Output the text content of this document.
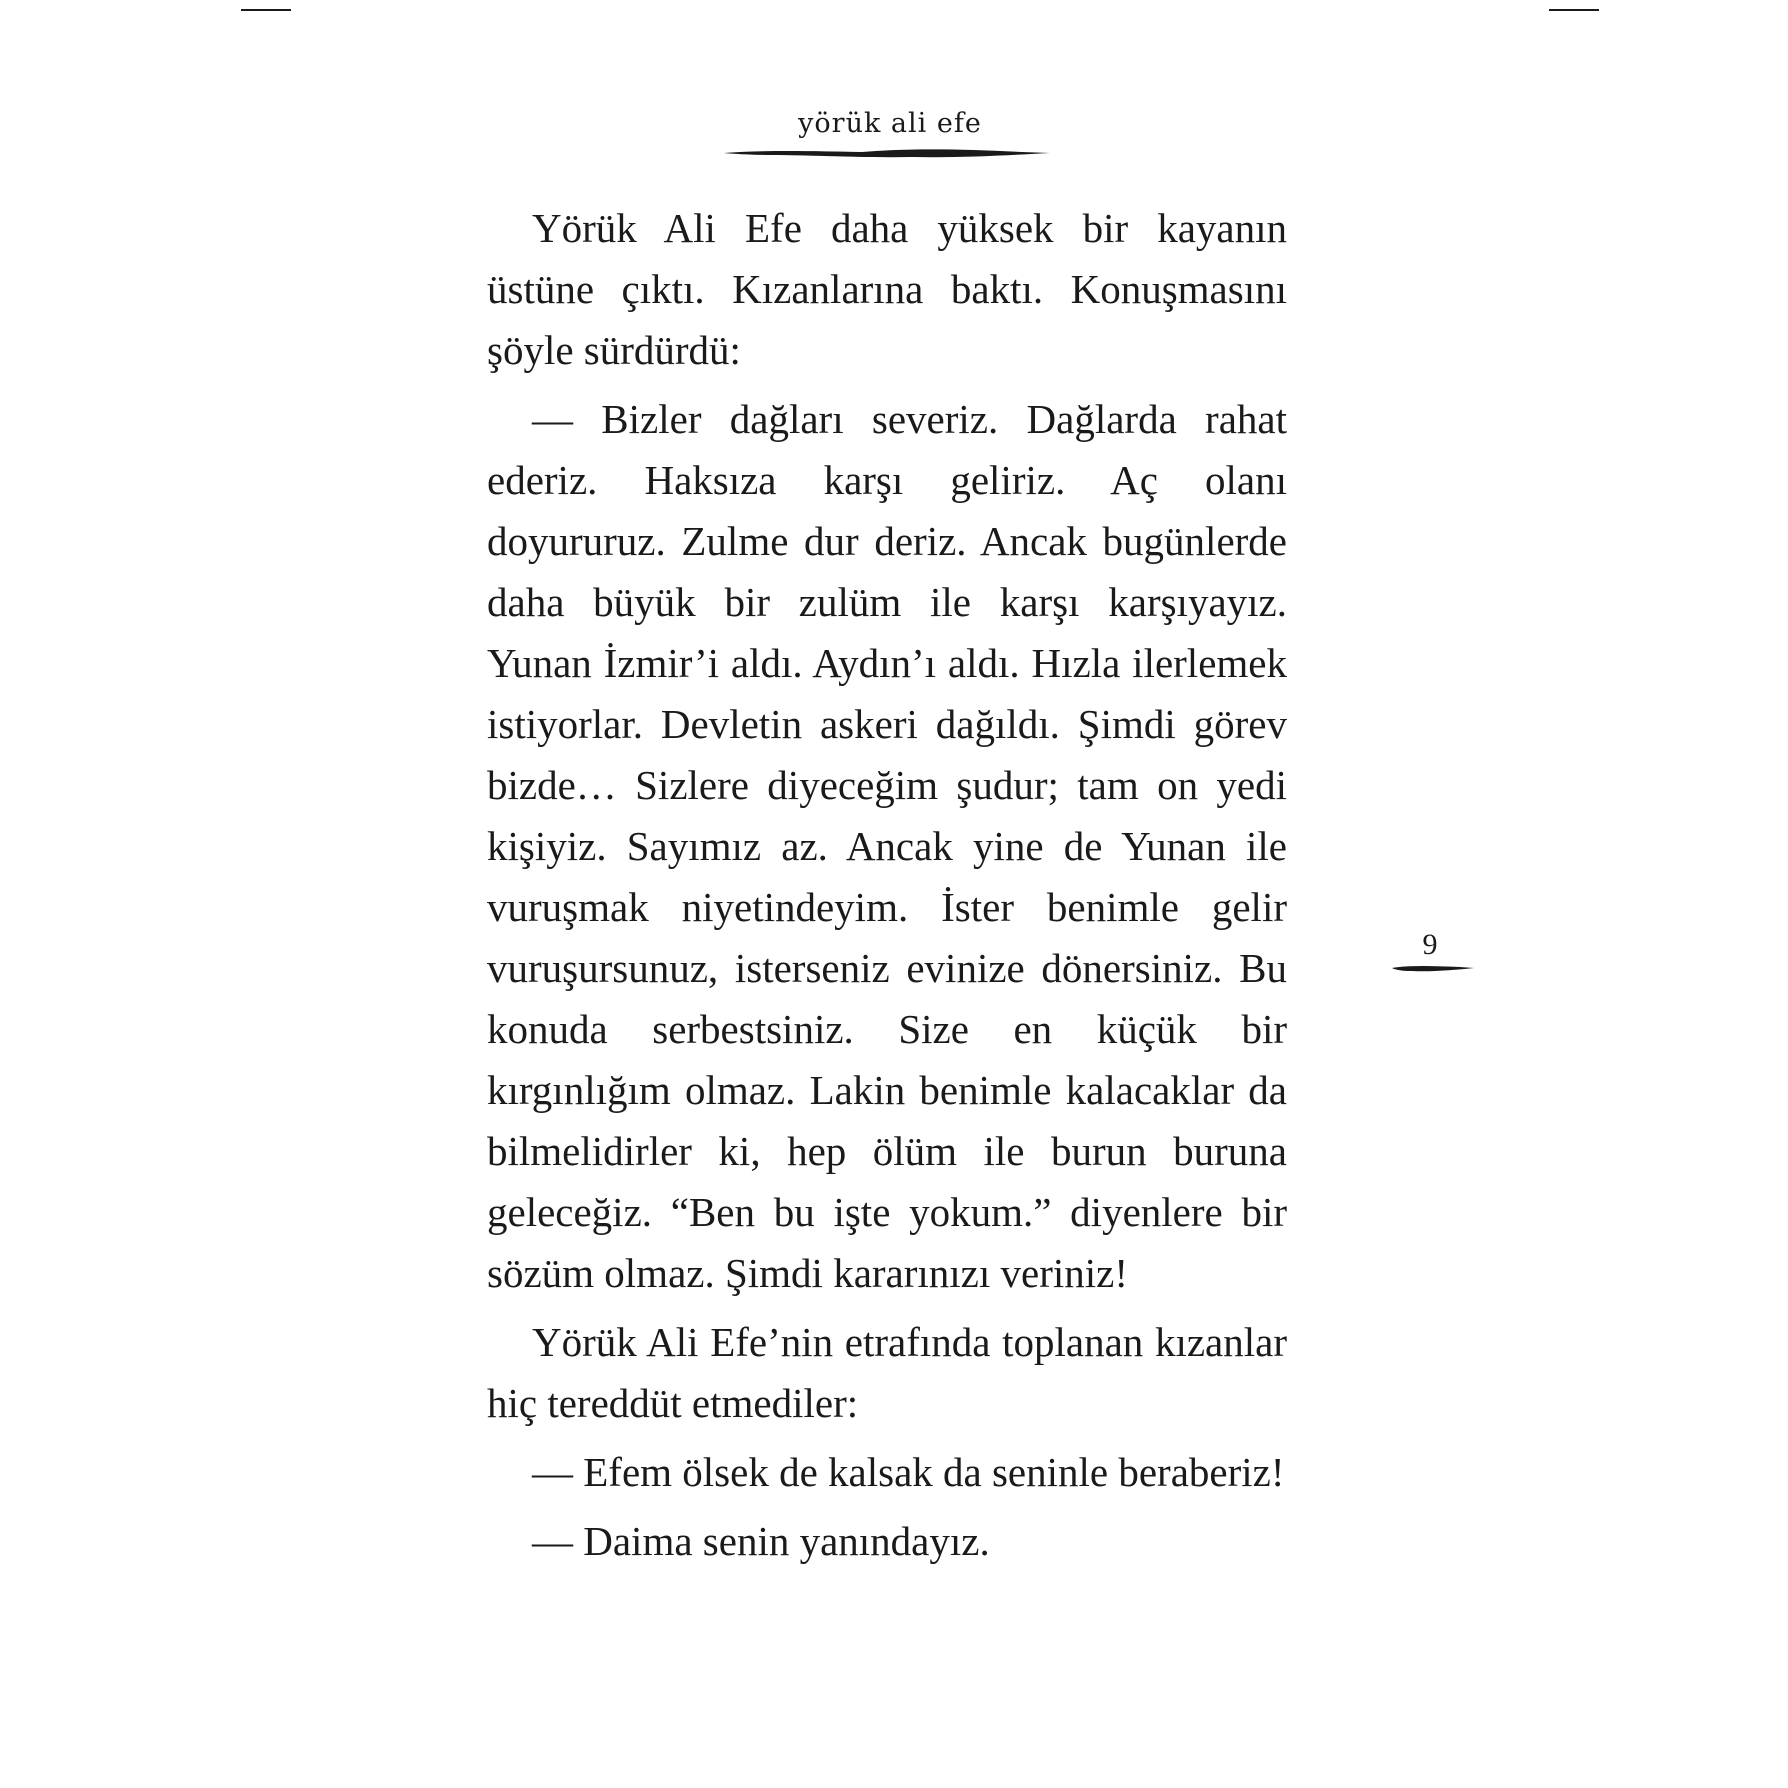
yörük ali efe

Yörük Ali Efe daha yüksek bir kayanın üstüne çıktı. Kızanlarına baktı. Konuşmasını şöyle sürdürdü:

— Bizler dağları severiz. Dağlarda rahat ederiz. Haksıza karşı geliriz. Aç olanı doyururuz. Zulme dur deriz. Ancak bugünlerde daha büyük bir zulüm ile karşı karşıyayız. Yunan İzmir’i aldı. Aydın’ı aldı. Hızla ilerlemek istiyorlar. Devletin askeri dağıldı. Şimdi görev bizde… Sizlere diyeceğim şudur; tam on yedi kişiyiz. Sayımız az. Ancak yine de Yunan ile vuruşmak niyetindeyim. İster benimle gelir vuruşursunuz, isterseniz evinize dönersiniz. Bu konuda serbestsiniz. Size en küçük bir kırgınlığım olmaz. Lakin benimle kalacaklar da bilmelidirler ki, hep ölüm ile burun buruna geleceğiz. “Ben bu işte yokum.” diyenlere bir sözüm olmaz. Şimdi kararınızı veriniz!

Yörük Ali Efe’nin etrafında toplanan kızanlar hiç tereddüt etmediler:

— Efem ölsek de kalsak da seninle beraberiz!

— Daima senin yanındayız.

9
